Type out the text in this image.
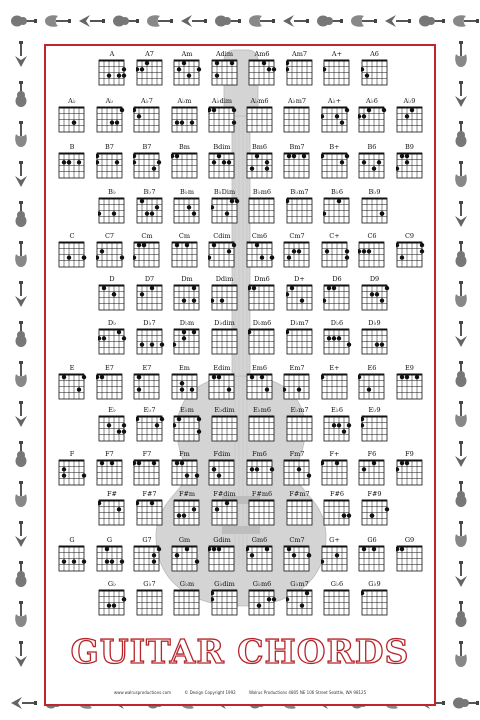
A	A7	Am	Adim	Am6	Am7	A+	A6
A♭	A♭	A♭7	A♭m	A♭dim	A♭m6	A♭m7	A♭+	A♭6	A♭9
B	B7	B7	Bm	Bdim	Bm6	Bm7	B+	B6	B9
B♭	B♭7	B♭m	B♭Dim	B♭m6	B♭m7	B♭6	B♭9
C	C7	Cm	Cm	Cdim	Cm6	Cm7	C+	C6	C9
D	D7	Dm	Ddim	Dm6	D+	D6	D9
D♭	D♭7	D♭m	D♭dim	D♭m6	D♭m7	D♭6	D♭9
E	E7	E7	Em	Edim	Em6	Em7	E+	E6	E9
E♭	E♭7	E♭m	E♭dim	E♭m6	E♭m7	E♭6	E♭9
F	F7	F7	Fm	Fdim	Fm6	Fm7	F+	F6	F9
F#	F#7	F#m	F#dim	F#m6	F#m7	F#6	F#9
G	G	G7	Gm	Gdim	Gm6	Cm7	G+	G6	G9
G♭	G♭7	G♭m	G♭dim	G♭m6	G♭m7	G♭6	G♭9
GUITAR CHORDS
www.walrusproductions.com	© Design Copyright 1992	Walrus Productions 4805 NE 106 Street Seattle, WA 98125
